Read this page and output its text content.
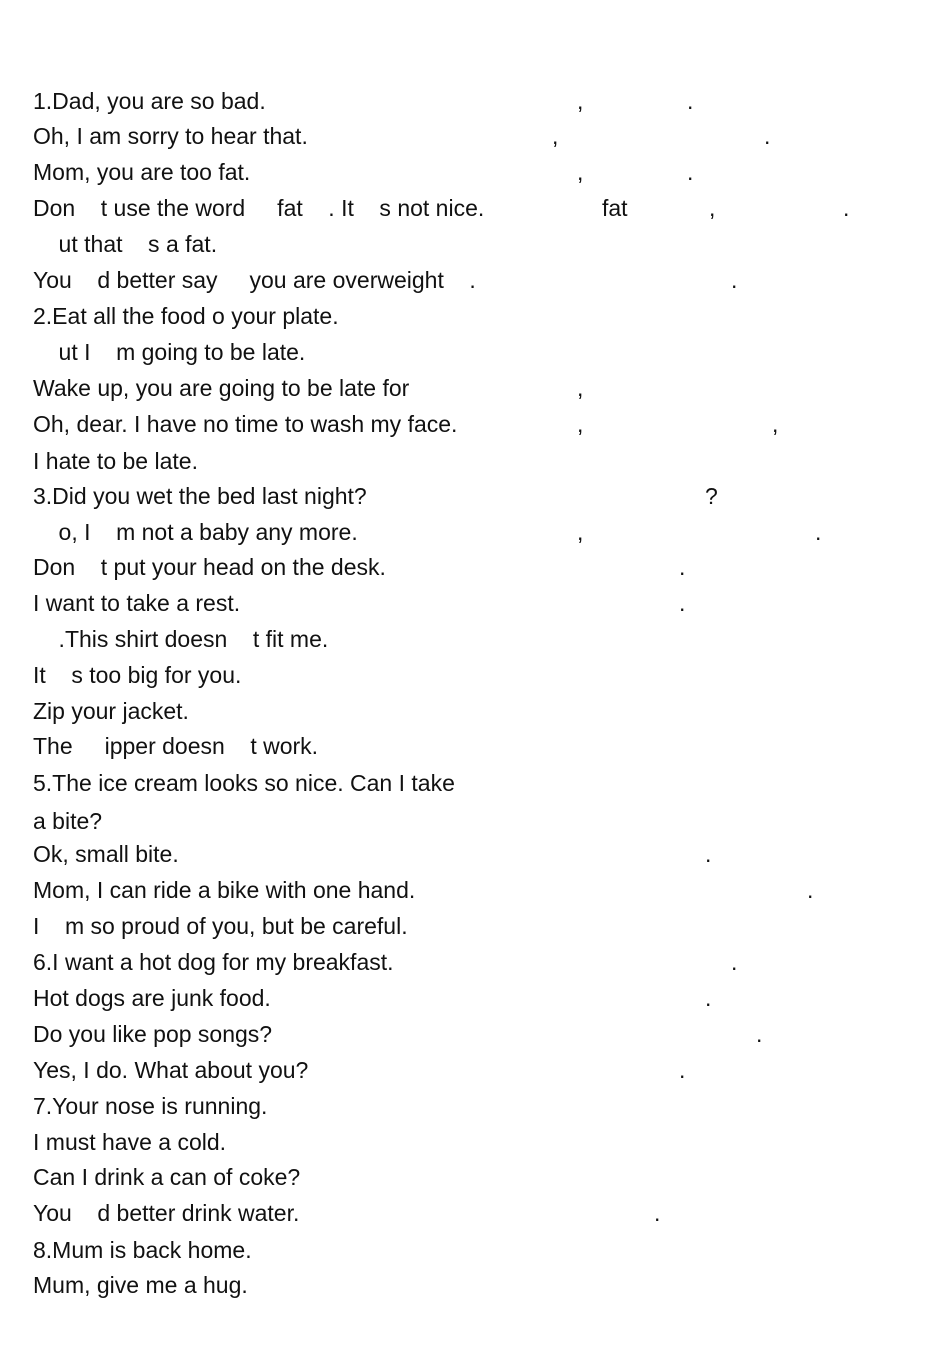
1.Dad, you are so bad.

	,

	.

Oh, I am sorry to hear that.

	,

	.

Mom, you are too fat.

	,

	.

Don    t use the word     fat    . It    s not nice.

	fat

	,

	.

ut that    s a fat.

You    d better say     you are overweight    .

	.

2.Eat all the food o your plate.

ut I    m going to be late.

Wake up, you are going to be late for

	,

Oh, dear. I have no time to wash my face.

	,

	,

I hate to be late.

3.Did you wet the bed last night?

	?

o, I    m not a baby any more.

	,

	.

Don    t put your head on the desk.

	.

I want to take a rest.

	.

.This shirt doesn    t fit me.

It    s too big for you.

Zip your jacket.

The     ipper doesn    t work.

5.The ice cream looks so nice. Can I take

a bite?

Ok, small bite.

	.

Mom, I can ride a bike with one hand.

	.

I    m so proud of you, but be careful.

6.I want a hot dog for my breakfast.

	.

Hot dogs are junk food.

	.

Do you like pop songs?

	.

Yes, I do. What about you?

	.

7.Your nose is running.

I must have a cold.

Can I drink a can of coke?

You    d better drink water.

	.

8.Mum is back home.

Mum, give me a hug.
